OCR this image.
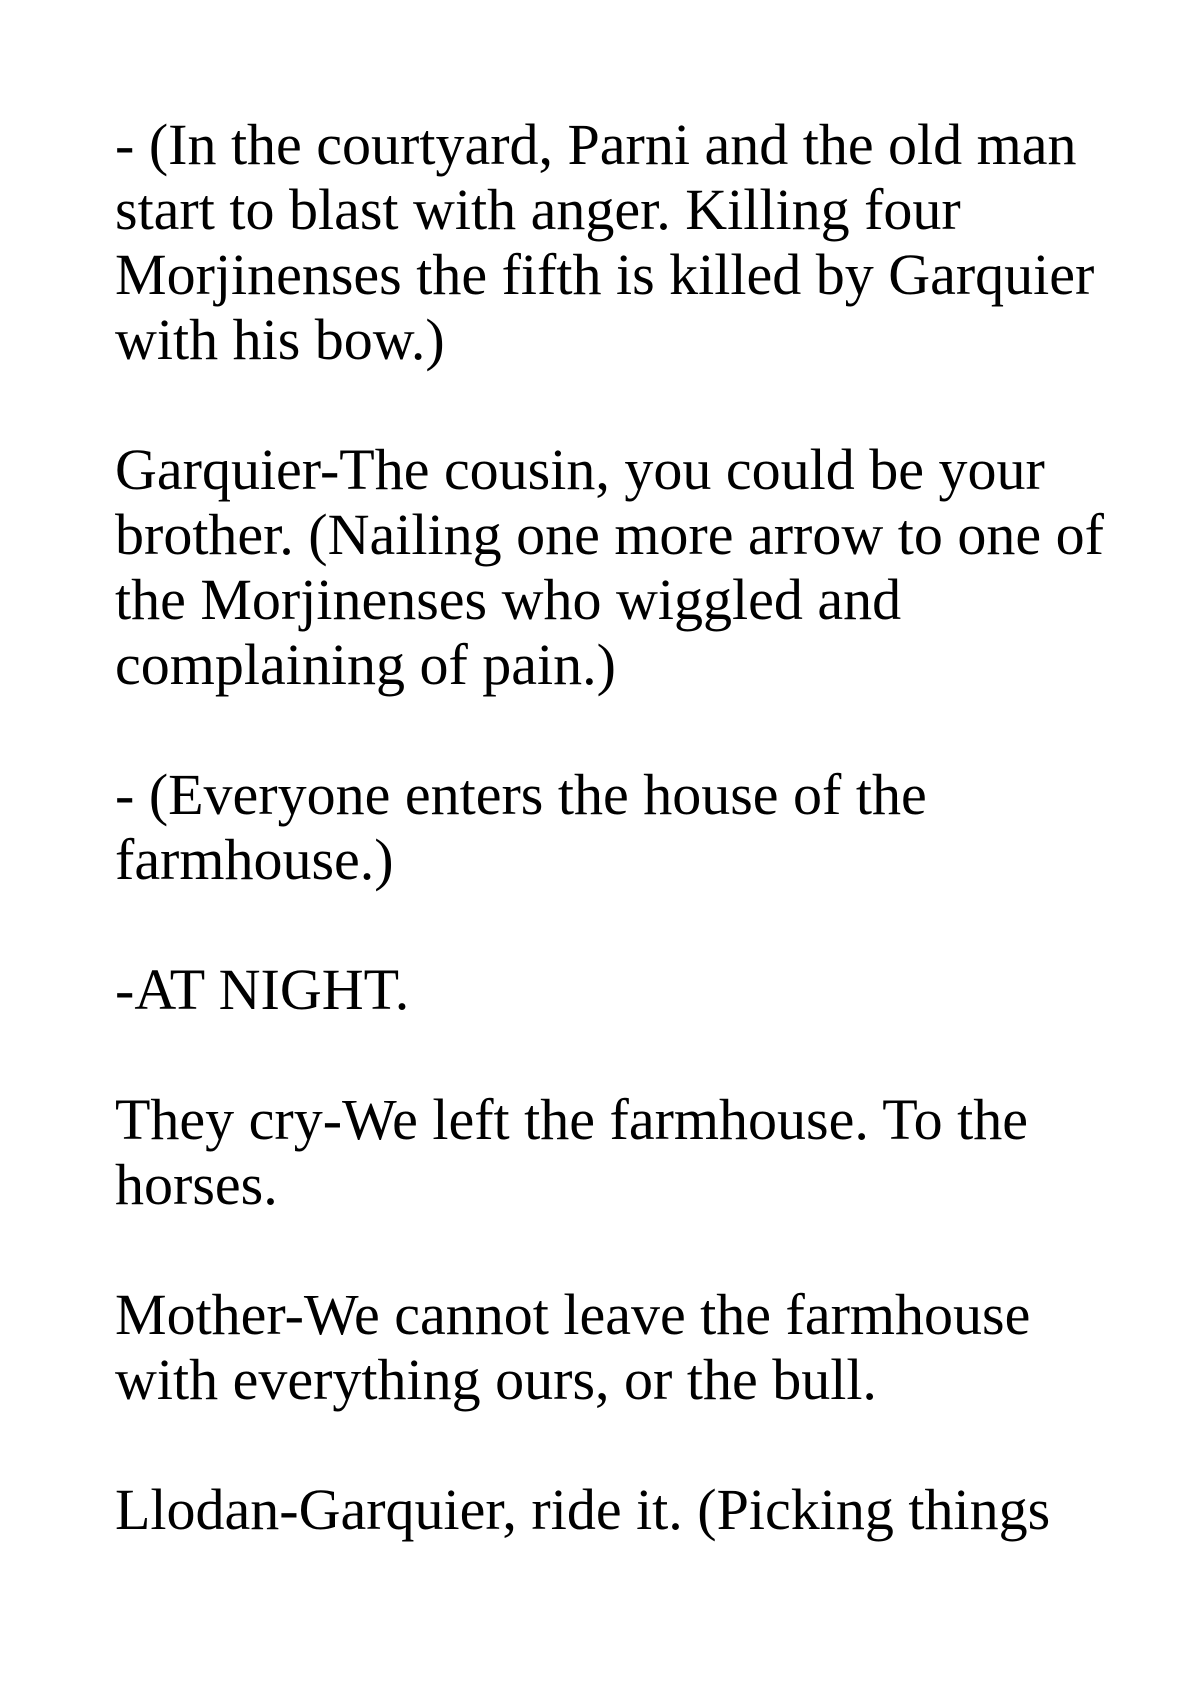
- (In the courtyard, Parni and the old man
start to blast with anger. Killing four
Morjinenses the fifth is killed by Garquier
with his bow.)

Garquier-The cousin, you could be your
brother. (Nailing one more arrow to one of
the Morjinenses who wiggled and
complaining of pain.)

- (Everyone enters the house of the
farmhouse.)

-AT NIGHT.

They cry-We left the farmhouse. To the
horses.

Mother-We cannot leave the farmhouse
with everything ours, or the bull.

Llodan-Garquier, ride it. (Picking things
